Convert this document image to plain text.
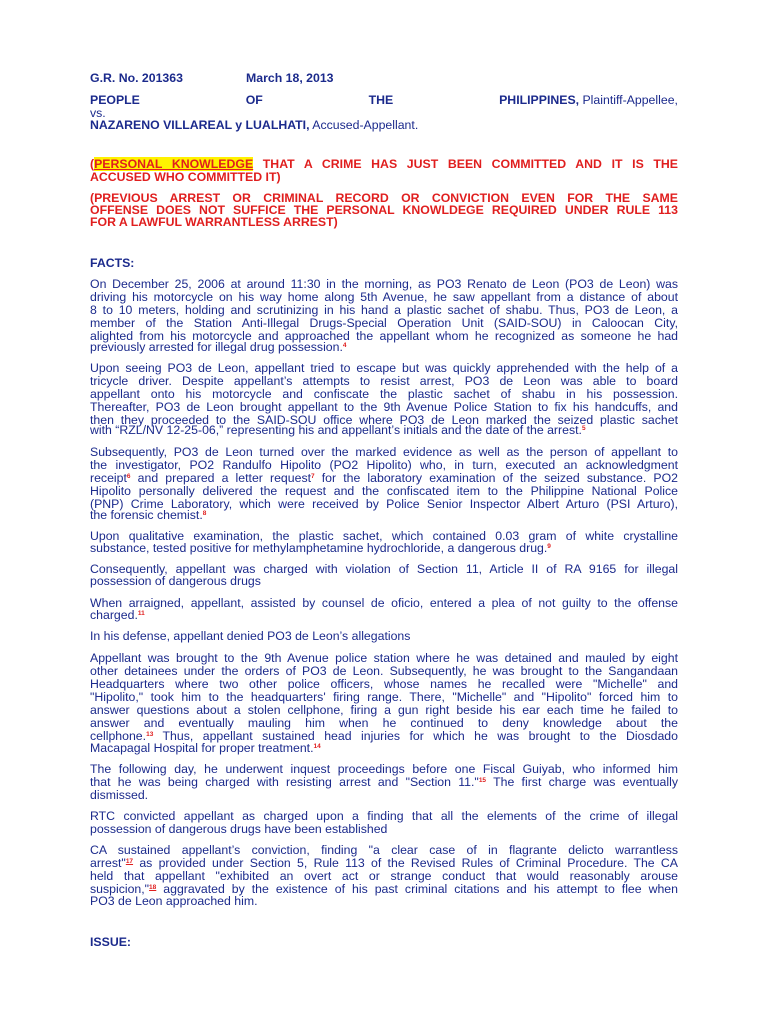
G.R. No. 201363	March 18, 2013
PEOPLE	OF	THE	PHILIPPINES, Plaintiff-Appellee,
vs.
NAZARENO VILLAREAL y LUALHATI, Accused-Appellant.
(PERSONAL KNOWLEDGE THAT A CRIME HAS JUST BEEN COMMITTED AND IT IS THE
ACCUSED WHO COMMITTED IT)
(PREVIOUS ARREST OR CRIMINAL RECORD OR CONVICTION EVEN FOR THE SAME
OFFENSE DOES NOT SUFFICE THE PERSONAL KNOWLDEGE REQUIRED UNDER RULE 113
FOR A LAWFUL WARRANTLESS ARREST)
FACTS:
On December 25, 2006 at around 11:30 in the morning, as PO3 Renato de Leon (PO3 de Leon) was
driving his motorcycle on his way home along 5th Avenue, he saw appellant from a distance of about
8 to 10 meters, holding and scrutinizing in his hand a plastic sachet of shabu. Thus, PO3 de Leon, a
member of the Station Anti-Illegal Drugs-Special Operation Unit (SAID-SOU) in Caloocan City,
alighted from his motorcycle and approached the appellant whom he recognized as someone he had
previously arrested for illegal drug possession.$^4$
Upon seeing PO3 de Leon, appellant tried to escape but was quickly apprehended with the help of a
tricycle driver. Despite appellant’s attempts to resist arrest, PO3 de Leon was able to board
appellant onto his motorcycle and confiscate the plastic sachet of shabu in his possession.
Thereafter, PO3 de Leon brought appellant to the 9th Avenue Police Station to fix his handcuffs, and
then they proceeded to the SAID-SOU office where PO3 de Leon marked the seized plastic sachet
with “RZL/NV 12-25-06,” representing his and appellant’s initials and the date of the arrest.$^5$
Subsequently, PO3 de Leon turned over the marked evidence as well as the person of appellant to
the investigator, PO2 Randulfo Hipolito (PO2 Hipolito) who, in turn, executed an acknowledgment
receipt$^6$ and prepared a letter request$^7$ for the laboratory examination of the seized substance. PO2
Hipolito personally delivered the request and the confiscated item to the Philippine National Police
(PNP) Crime Laboratory, which were received by Police Senior Inspector Albert Arturo (PSI Arturo),
the forensic chemist.$^8$
Upon qualitative examination, the plastic sachet, which contained 0.03 gram of white crystalline
substance, tested positive for methylamphetamine hydrochloride, a dangerous drug.$^9$
Consequently, appellant was charged with violation of Section 11, Article II of RA 9165 for illegal
possession of dangerous drugs
When arraigned, appellant, assisted by counsel de oficio, entered a plea of not guilty to the offense
charged.$^{11}$
In his defense, appellant denied PO3 de Leon’s allegations
Appellant was brought to the 9th Avenue police station where he was detained and mauled by eight
other detainees under the orders of PO3 de Leon. Subsequently, he was brought to the Sangandaan
Headquarters where two other police officers, whose names he recalled were "Michelle" and
"Hipolito," took him to the headquarters' firing range. There, "Michelle" and "Hipolito" forced him to
answer questions about a stolen cellphone, firing a gun right beside his ear each time he failed to
answer and eventually mauling him when he continued to deny knowledge about the
cellphone.$^{13}$ Thus, appellant sustained head injuries for which he was brought to the Diosdado
Macapagal Hospital for proper treatment.$^{14}$
The following day, he underwent inquest proceedings before one Fiscal Guiyab, who informed him
that he was being charged with resisting arrest and "Section 11."$^{15}$ The first charge was eventually
dismissed.
RTC convicted appellant as charged upon a finding that all the elements of the crime of illegal
possession of dangerous drugs have been established
CA sustained appellant’s conviction, finding "a clear case of in flagrante delicto warrantless
arrest"$^{17}$ as provided under Section 5, Rule 113 of the Revised Rules of Criminal Procedure. The CA
held that appellant "exhibited an overt act or strange conduct that would reasonably arouse
suspicion,"$^{18}$ aggravated by the existence of his past criminal citations and his attempt to flee when
PO3 de Leon approached him.
ISSUE:
